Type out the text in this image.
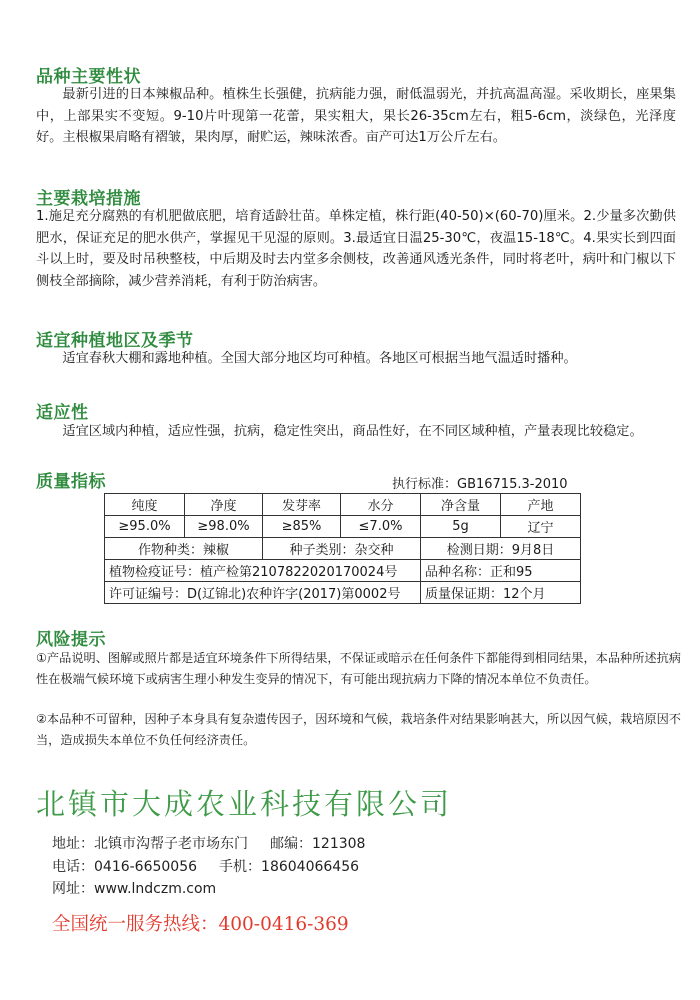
品种主要性状

最新引进的日本辣椒品种。植株生长强健，抗病能力强，耐低温弱光，并抗高温高湿。采收期长，座果集中，上部果实不变短。9-10片叶现第一花蕾，果实粗大，果长26-35cm左右，粗5-6cm，淡绿色，光泽度好。主根椒果肩略有褶皱，果肉厚，耐贮运，辣味浓香。亩产可达1万公斤左右。

主要栽培措施

1.施足充分腐熟的有机肥做底肥，培育适龄壮苗。单株定植，株行距(40-50)×(60-70)厘米。2.少量多次勤供肥水，保证充足的肥水供产，掌握见干见湿的原则。3.最适宜日温25-30℃，夜温15-18℃。4.果实长到四面斗以上时，要及时吊秧整枝，中后期及时去内堂多余侧枝，改善通风透光条件，同时将老叶，病叶和门椒以下侧枝全部摘除，减少营养消耗，有利于防治病害。

适宜种植地区及季节

适宜春秋大棚和露地种植。全国大部分地区均可种植。各地区可根据当地气温适时播种。

适应性

适宜区域内种植，适应性强，抗病，稳定性突出，商品性好，在不同区域种植，产量表现比较稳定。

质量指标	执行标准：GB16715.3-2010
纯度	净度	发芽率	水分	净含量	产地
≥95.0%	≥98.0%	≥85%	≤7.0%	5g	辽宁
作物种类：辣椒		种子类别：杂交种		检测日期：9月8日	
植物检疫证号：植产检第2107822020170024号				品种名称：正和95	
许可证编号：D(辽锦北)农种许字(2017)第0002号				质量保证期：12个月	
风险提示

①产品说明、图解或照片都是适宜环境条件下所得结果，不保证或暗示在任何条件下都能得到相同结果，本品种所述抗病性在极端气候环境下或病害生理小种发生变异的情况下，有可能出现抗病力下降的情况本单位不负责任。

②本品种不可留种，因种子本身具有复杂遗传因子，因环境和气候，栽培条件对结果影响甚大，所以因气候，栽培原因不当，造成损失本单位不负任何经济责任。

北镇市大成农业科技有限公司
地址：北镇市沟帮子老市场东门 邮编：121308
电话：0416-6650056 手机：18604066456
网址：www.lndczm.com
全国统一服务热线：400-0416-369
